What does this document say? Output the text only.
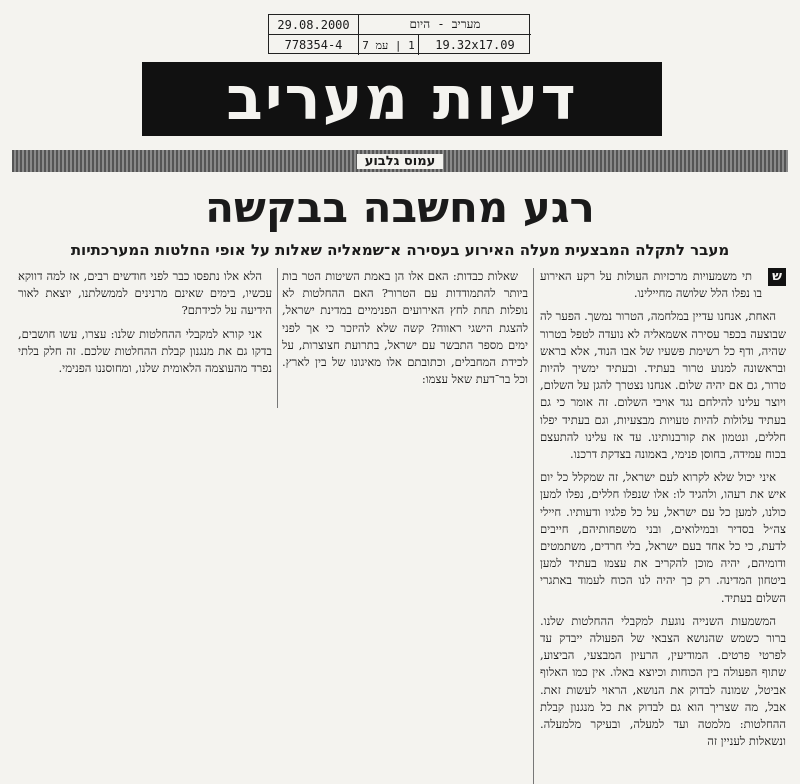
מעריב - היום
29.08.2000
778354-4	עמ 7 | 1	19.32x17.09
דעות מעריב
עמוס גלבוע
רגע מחשבה בבקשה
מעבר לתקלה המבצעית מעלה האירוע בעסירה א־שמאליה שאלות על אופי החלטות המערכתיות
ש

תי משמעויות מרכזיות העולות על רקע האירוע בו נפלו הלל שלושה מחיילינו.

האחת, אנחנו עדיין במלחמה, הטרור נמשך. הפער לה שבוצעה בכפר עסירה אשמאליה לא נועדה לטפל בטרור שהיה, ודף כל רשימת פשעיו של אבו הנוד, אלא בראש ובראשונה למנוע טרור בעתיד. ובעתיד ימשיך להיות טרור, גם אם יהיה שלום. אנחנו נצטרך להגן על השלום, ויוצר עלינו להילחם נגד אויבי השלום. זה אומר כי גם בעתיד עלולות להיות טעויות מבצעיות, וגם בעתיד יפלו חללים, ונטמון את קורבנותינו. עד אז עלינו להתעצם בכוח עמידה, בחוסן פנימי, באמונה בצדקת דרכנו.

איני יכול שלא לקרוא לעם ישראל, זה שמקלל כל יום איש את רעהו, ולהגיד לו: אלו שנפלו חללים, נפלו למען כולנו, למען כל עם ישראל, על כל פלגיו ודעותיו. חיילי צה״ל בסדיר ובמילואים, ובני משפחותיהם, חייבים לדעת, כי כל אחד בעם ישראל, בלי חרדים, משתמטים ודומיהם, יהיה מוכן להקריב את עצמו בעתיד למען ביטחון המדינה. רק כך יהיה לנו הכוח לעמוד באתגרי השלום בעתיד.

המשמעות השנייה נוגעת למקבלי ההחלטות שלנו. ברור כשמש שהנושא הצבאי של הפעולה ייבדק עד לפרטי פרטים. המודיעין, הרעיון המבצעי, הביצוע, שתוף הפעולה בין הכוחות וכיוצא באלו. אין כמו האלוף אביטל, שמונה לבדוק את הנושא, הראוי לעשות זאת. אבל, מה שצריך הוא גם לבדוק את כל מנגנון קבלת ההחלטות: מלמטה ועד למעלה, ובעיקר מלמעלה. ונשאלות לעניין זה

שאלות כבדות: האם אלו הן באמת השיטות הטר בות ביותר להתמודדות עם הטרור? האם ההחלטות לא נופלות תחת לחץ האירועים הפנימיים במדינת ישראל, להצגת הישגי ראווה? קשה שלא להיזכר כי אך לפני ימים מספר התבשר עם ישראל, בתרועת חצוצרות, על לכידת המחבלים, וכתובתם אלו מאיגונו של בין לארץ. וכל בר־דעת שאל עצמו:

הלא אלו נתפסו כבר לפני חודשים רבים, אז למה דווקא עכשיו, בימים שאינם מרנינים לממשלתנו, יוצאת לאור הידיעה על לכידתם?

אני קורא למקבלי ההחלטות שלנו: עצרו, עשו חושבים, בדקו גם את מנגנון קבלת ההחלטות שלכם. זה חלק בלתי נפרד מהעוצמה הלאומית שלנו, ומחוסננו הפנימי.
